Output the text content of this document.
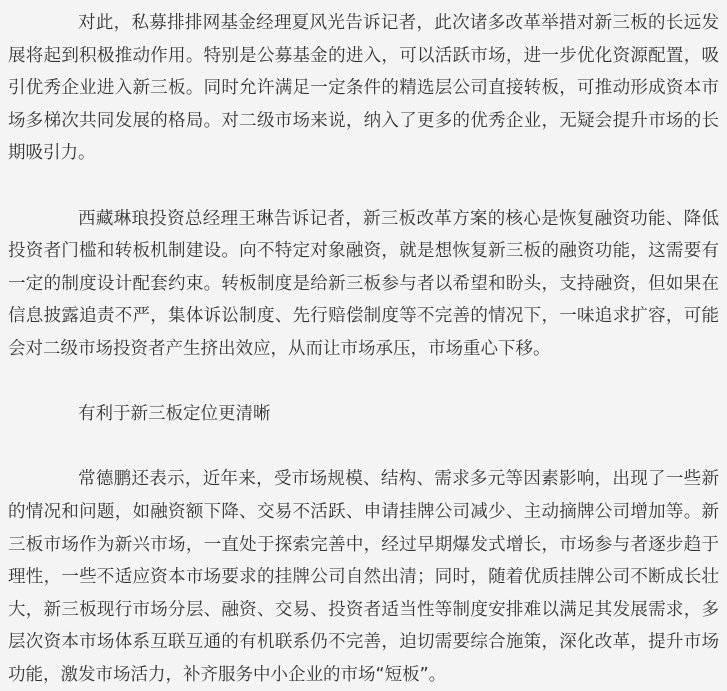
对此，私募排排网基金经理夏风光告诉记者，此次诸多改革举措对新三板的长远发展将起到积极推动作用。特别是公募基金的进入，可以活跃市场，进一步优化资源配置，吸引优秀企业进入新三板。同时允许满足一定条件的精选层公司直接转板，可推动形成资本市场多梯次共同发展的格局。对二级市场来说，纳入了更多的优秀企业，无疑会提升市场的长期吸引力。

西藏琳琅投资总经理王琳告诉记者，新三板改革方案的核心是恢复融资功能、降低投资者门槛和转板机制建设。向不特定对象融资，就是想恢复新三板的融资功能，这需要有一定的制度设计配套约束。转板制度是给新三板参与者以希望和盼头，支持融资，但如果在信息披露追责不严，集体诉讼制度、先行赔偿制度等不完善的情况下，一味追求扩容，可能会对二级市场投资者产生挤出效应，从而让市场承压，市场重心下移。

有利于新三板定位更清晰

常德鹏还表示，近年来，受市场规模、结构、需求多元等因素影响，出现了一些新的情况和问题，如融资额下降、交易不活跃、申请挂牌公司减少、主动摘牌公司增加等。新三板市场作为新兴市场，一直处于探索完善中，经过早期爆发式增长，市场参与者逐步趋于理性，一些不适应资本市场要求的挂牌公司自然出清；同时，随着优质挂牌公司不断成长壮大，新三板现行市场分层、融资、交易、投资者适当性等制度安排难以满足其发展需求，多层次资本市场体系互联互通的有机联系仍不完善，迫切需要综合施策，深化改革，提升市场功能，激发市场活力，补齐服务中小企业的市场“短板”。
